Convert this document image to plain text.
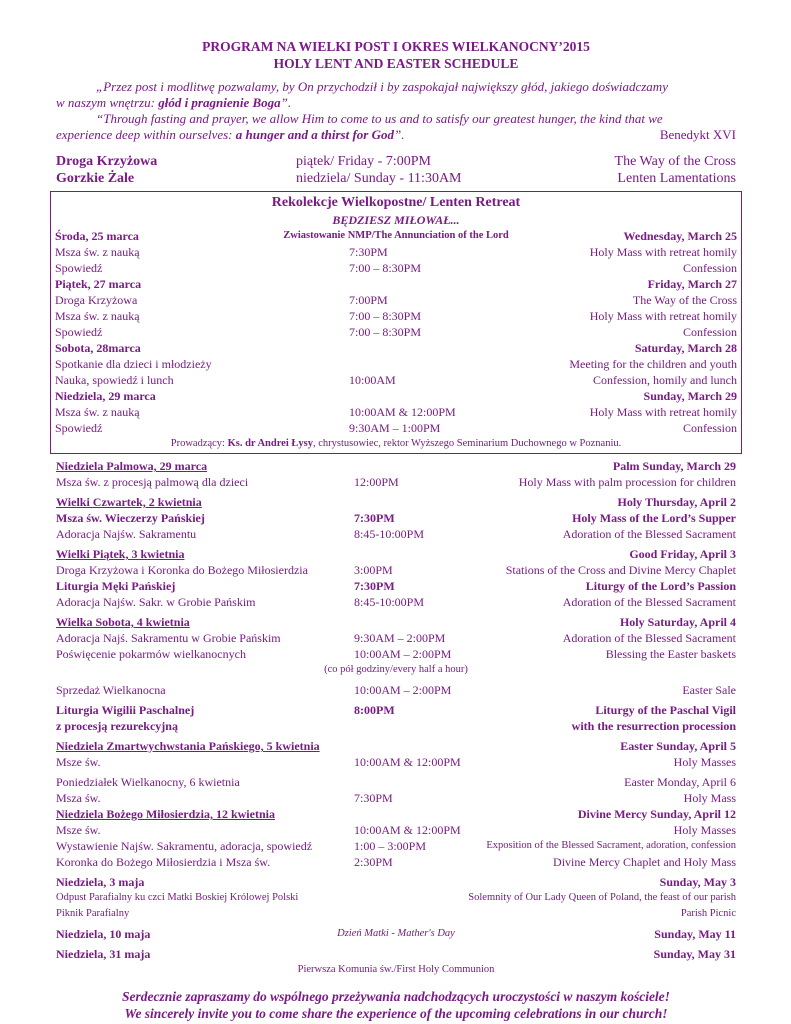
PROGRAM NA WIELKI POST I OKRES WIELKANOCNY’2015
HOLY LENT AND EASTER SCHEDULE
„Przez post i modlitwę pozwalamy, by On przychodził i by zaspokajał największy głód, jakiego doświadczamy
w naszym wnętrzu: głód i pragnienie Boga”.
“Through fasting and prayer, we allow Him to come to us and to satisfy our greatest hunger, the kind that we
experience deep within ourselves: a hunger and a thirst for God”.	Benedykt XVI
Droga Krzyżowa	piątek/ Friday - 7:00PM	The Way of the Cross
Gorzkie Żale	niedziela/ Sunday - 11:30AM	Lenten Lamentations
Rekolekcje Wielkopostne/ Lenten Retreat
BĘDZIESZ MIŁOWAŁ...
Środa, 25 marca	Zwiastowanie NMP/The Annunciation of the Lord	Wednesday, March 25
Msza św. z nauką	7:30PM	Holy Mass with retreat homily
Spowiedź	7:00 – 8:30PM	Confession
Piątek, 27 marca	Friday, March 27
Droga Krzyżowa	7:00PM	The Way of the Cross
Msza św. z nauką	7:00 – 8:30PM	Holy Mass with retreat homily
Spowiedź	7:00 – 8:30PM	Confession
Sobota, 28marca	Saturday, March 28
Spotkanie dla dzieci i młodzieży	Meeting for the children and youth
Nauka, spowiedź i lunch	10:00AM	Confession, homily and lunch
Niedziela, 29 marca	Sunday, March 29
Msza św. z nauką	10:00AM & 12:00PM	Holy Mass with retreat homily
Spowiedź	9:30AM – 1:00PM	Confession
Prowadzący: Ks. dr Andrei Łysy, chrystusowiec, rektor Wyższego Seminarium Duchownego w Poznaniu.
Niedziela Palmowa, 29 marca	Palm Sunday, March 29
Msza św. z procesją palmową dla dzieci	12:00PM	Holy Mass with palm procession for children
Wielki Czwartek, 2 kwietnia	Holy Thursday, April 2
Msza św. Wieczerzy Pańskiej	7:30PM	Holy Mass of the Lord’s Supper
Adoracja Najśw. Sakramentu	8:45-10:00PM	Adoration of the Blessed Sacrament
Wielki Piątek, 3 kwietnia	Good Friday, April 3
Droga Krzyżowa i Koronka do Bożego Miłosierdzia	3:00PM	Stations of the Cross and Divine Mercy Chaplet
Liturgia Męki Pańskiej	7:30PM	Liturgy of the Lord’s Passion
Adoracja Najśw. Sakr. w Grobie Pańskim	8:45-10:00PM	Adoration of the Blessed Sacrament
Wielka Sobota, 4 kwietnia	Holy Saturday, April 4
Adoracja Najś. Sakramentu w Grobie Pańskim	9:30AM – 2:00PM	Adoration of the Blessed Sacrament
Poświęcenie pokarmów wielkanocnych	10:00AM – 2:00PM	Blessing the Easter baskets
(co pół godziny/every half a hour)
Sprzedaż Wielkanocna	10:00AM – 2:00PM	Easter Sale
Liturgia Wigilii Paschalnej	8:00PM	Liturgy of the Paschal Vigil
z procesją rezurekcyjną	with the resurrection procession
Niedziela Zmartwychwstania Pańskiego, 5 kwietnia	Easter Sunday, April 5
Msze św.	10:00AM & 12:00PM	Holy Masses
Poniedziałek Wielkanocny, 6 kwietnia	Easter Monday, April 6
Msza św.	7:30PM	Holy Mass
Niedziela Bożego Miłosierdzia, 12 kwietnia	Divine Mercy Sunday, April 12
Msze św.	10:00AM & 12:00PM	Holy Masses
Wystawienie Najśw. Sakramentu, adoracja, spowiedź	1:00 – 3:00PM	Exposition of the Blessed Sacrament, adoration, confession
Koronka do Bożego Miłosierdzia i Msza św.	2:30PM	Divine Mercy Chaplet and Holy Mass
Niedziela, 3 maja	Sunday, May 3
Odpust Parafialny ku czci Matki Boskiej Królowej Polski	Solemnity of Our Lady Queen of Poland, the feast of our parish
Piknik Parafialny	Parish Picnic
Niedziela, 10 maja	Dzień Matki - Mather's Day	Sunday, May 11
Niedziela, 31 maja	Sunday, May 31
Pierwsza Komunia św./First Holy Communion
Serdecznie zapraszamy do wspólnego przeżywania nadchodzących uroczystości w naszym kościele!
We sincerely invite you to come share the experience of the upcoming celebrations in our church!
